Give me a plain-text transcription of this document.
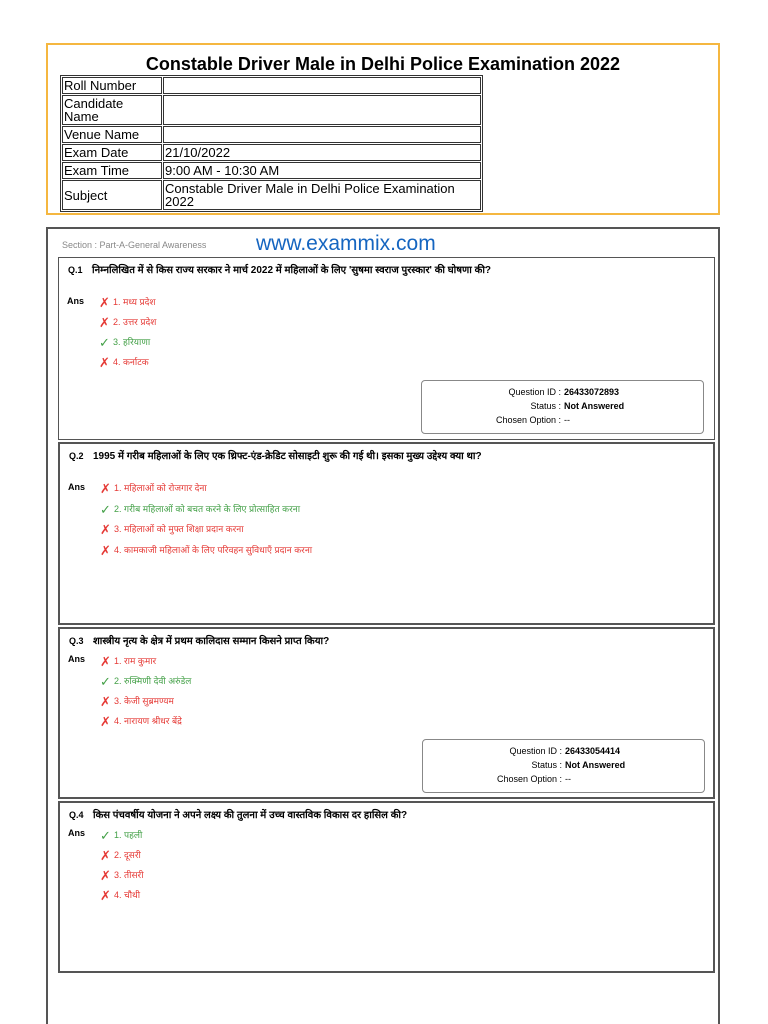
Constable Driver Male in Delhi Police Examination 2022
Roll Number	
Candidate Name	
Venue Name	
Exam Date	21/10/2022
Exam Time	9:00 AM - 10:30 AM
Subject	Constable Driver Male in Delhi Police Examination 2022
Section : Part-A-General Awareness www.exammix.com
Q.1 निम्नलिखित में से किस राज्य सरकार ने मार्च 2022 में महिलाओं के लिए 'सुषमा स्वराज पुरस्कार' की घोषणा की?
Ans ✗ 1. मध्य प्रदेश
✗ 2. उत्तर प्रदेश
✓ 3. हरियाणा
✗ 4. कर्नाटक
Question ID : 26433072893
Status : Not Answered
Chosen Option : --
Q.2 1995 में गरीब महिलाओं के लिए एक थ्रिफ्ट-एंड-क्रेडिट सोसाइटी शुरू की गई थी। इसका मुख्य उद्देश्य क्या था?
Ans ✗ 1. महिलाओं को रोजगार देना
✓ 2. गरीब महिलाओं को बचत करने के लिए प्रोत्साहित करना
✗ 3. महिलाओं को मुफ्त शिक्षा प्रदान करना
✗ 4. कामकाजी महिलाओं के लिए परिवहन सुविधाएँ प्रदान करना
Q.3 शास्त्रीय नृत्य के क्षेत्र में प्रथम कालिदास सम्मान किसने प्राप्त किया?
Ans ✗ 1. राम कुमार
✓ 2. रुक्मिणी देवी अरुंडेल
✗ 3. केजी सुब्रमण्यम
✗ 4. नारायण श्रीधर बेंद्रे
Question ID : 26433054414
Status : Not Answered
Chosen Option : --
Q.4 किस पंचवर्षीय योजना ने अपने लक्ष्य की तुलना में उच्च वास्तविक विकास दर हासिल की?
Ans ✓ 1. पहली
✗ 2. दूसरी
✗ 3. तीसरी
✗ 4. चौथी
